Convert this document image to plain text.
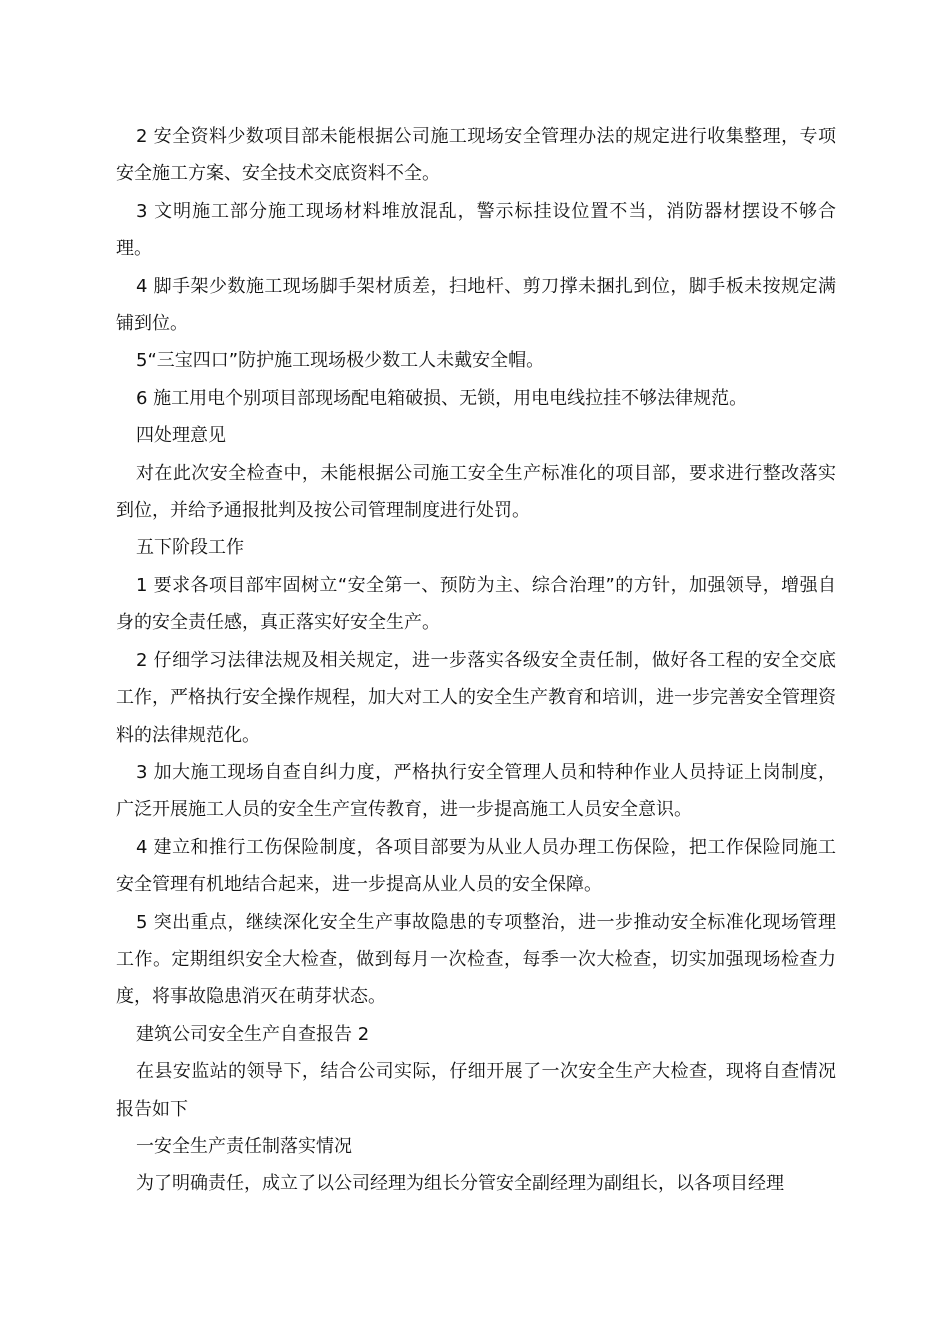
2 安全资料少数项目部未能根据公司施工现场安全管理办法的规定进行收集整理，专项安全施工方案、安全技术交底资料不全。

3 文明施工部分施工现场材料堆放混乱，警示标挂设位置不当，消防器材摆设不够合理。

4 脚手架少数施工现场脚手架材质差，扫地杆、剪刀撑未捆扎到位，脚手板未按规定满铺到位。

5“三宝四口”防护施工现场极少数工人未戴安全帽。

6 施工用电个别项目部现场配电箱破损、无锁，用电电线拉挂不够法律规范。

四处理意见

对在此次安全检查中，未能根据公司施工安全生产标准化的项目部，要求进行整改落实到位，并给予通报批判及按公司管理制度进行处罚。

五下阶段工作

1 要求各项目部牢固树立“安全第一、预防为主、综合治理”的方针，加强领导，增强自身的安全责任感，真正落实好安全生产。

2 仔细学习法律法规及相关规定，进一步落实各级安全责任制，做好各工程的安全交底工作，严格执行安全操作规程，加大对工人的安全生产教育和培训，进一步完善安全管理资料的法律规范化。

3 加大施工现场自查自纠力度，严格执行安全管理人员和特种作业人员持证上岗制度，广泛开展施工人员的安全生产宣传教育，进一步提高施工人员安全意识。

4 建立和推行工伤保险制度，各项目部要为从业人员办理工伤保险，把工作保险同施工安全管理有机地结合起来，进一步提高从业人员的安全保障。

5 突出重点，继续深化安全生产事故隐患的专项整治，进一步推动安全标准化现场管理工作。定期组织安全大检查，做到每月一次检查，每季一次大检查，切实加强现场检查力度，将事故隐患消灭在萌芽状态。

建筑公司安全生产自查报告 2

在县安监站的领导下，结合公司实际，仔细开展了一次安全生产大检查，现将自查情况报告如下

一安全生产责任制落实情况

为了明确责任，成立了以公司经理为组长分管安全副经理为副组长，以各项目经理
